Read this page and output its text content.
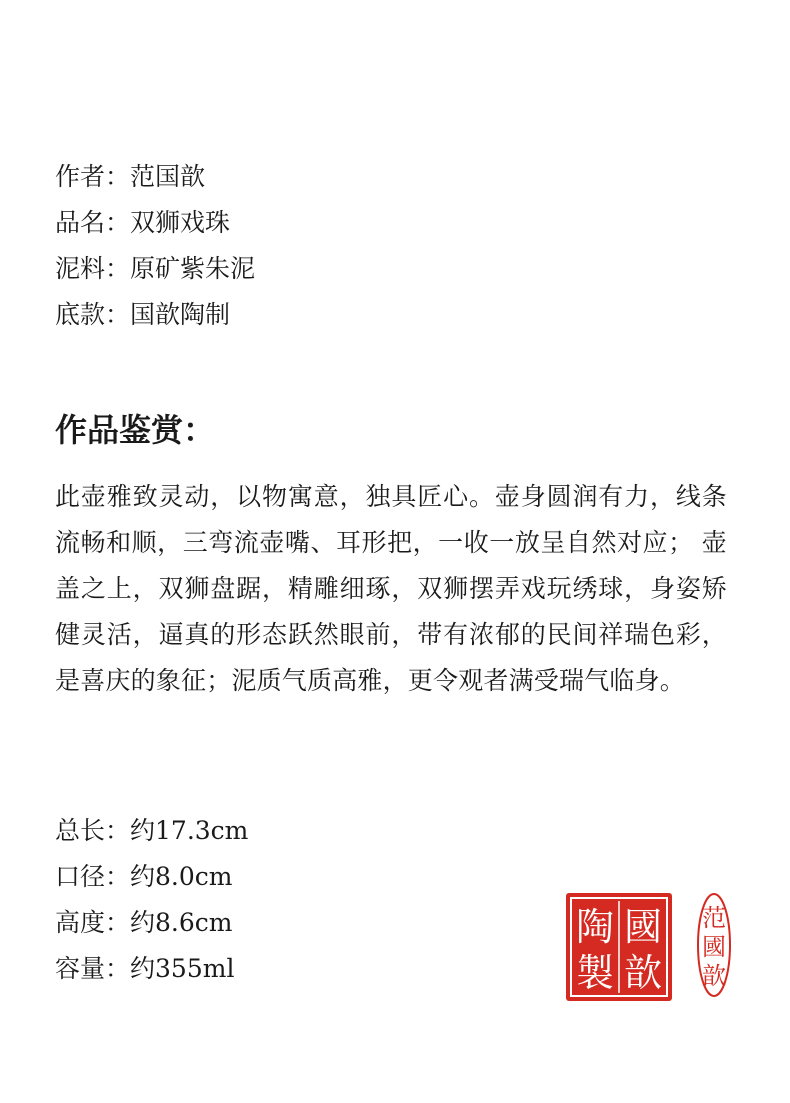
作者：范国歆
品名：双狮戏珠
泥料：原矿紫朱泥
底款：国歆陶制
作品鉴赏：

此壶雅致灵动，以物寓意，独具匠心。壶身圆润有力，线条流畅和顺，三弯流壶嘴、耳形把，一收一放呈自然对应； 壶盖之上，双狮盘踞，精雕细琢，双狮摆弄戏玩绣球，身姿矫健灵活，逼真的形态跃然眼前，带有浓郁的民间祥瑞色彩，是喜庆的象征；泥质气质高雅，更令观者满受瑞气临身。

总长：约17.3cm
口径：约8.0cm
高度：约8.6cm
容量：约355ml
國
歆
陶
製
范
國
歆
